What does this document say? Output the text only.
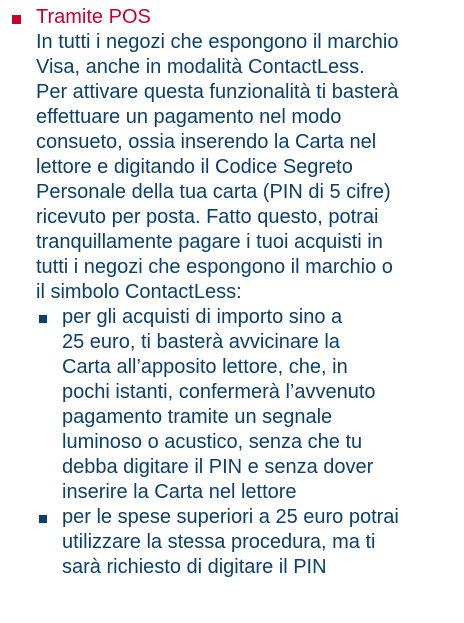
Tramite POS

In tutti i negozi che espongono il marchio
Visa, anche in modalità ContactLess.
Per attivare questa funzionalità ti basterà
effettuare un pagamento nel modo
consueto, ossia inserendo la Carta nel
lettore e digitando il Codice Segreto
Personale della tua carta (PIN di 5 cifre)
ricevuto per posta. Fatto questo, potrai
tranquillamente pagare i tuoi acquisti in
tutti i negozi che espongono il marchio o
il simbolo ContactLess:

per gli acquisti di importo sino a
25 euro, ti basterà avvicinare la
Carta all’apposito lettore, che, in
pochi istanti, confermerà l’avvenuto
pagamento tramite un segnale
luminoso o acustico, senza che tu
debba digitare il PIN e senza dover
inserire la Carta nel lettore
per le spese superiori a 25 euro potrai
utilizzare la stessa procedura, ma ti
sarà richiesto di digitare il PIN
